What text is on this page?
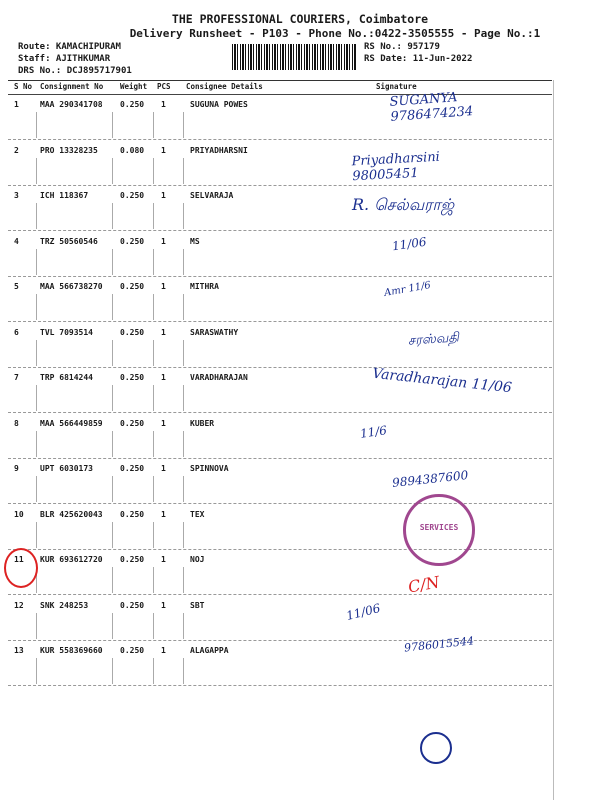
THE PROFESSIONAL COURIERS, Coimbatore
Delivery Runsheet - P103 - Phone No.:0422-3505555 - Page No.:1
Route: KAMACHIPURAM
Staff: AJITHKUMAR
DRS No.: DCJ895717901
RS No.: 957179
RS Date: 11-Jun-2022
S No Consignment No Weight PCS Consignee Details	Signature
1	MAA 290341708 0.250 1	SUGUNA POWES	SUGANYA
9786474234
2	PRO 13328235	0.080 1	PRIYADHARSNI	Priyadharsini
98005451
3	ICH 118367	0.250 1	SELVARAJA	R. செல்வராஜ்
4	TRZ 50560546	0.250 1	MS	11/06
5	MAA 566738270 0.250 1	MITHRA	Amr 11/6
6	TVL 7093514	0.250 1	SARASWATHY	சரஸ்வதி
7	TRP 6814244	0.250 1	VARADHARAJAN	Varadharajan 11/06
8	MAA 566449859 0.250 1	KUBER	11/6
9	UPT 6030173	0.250 1	SPINNOVA	9894387600
10 BLR 425620043 0.250 1	TEX
11 KUR 693612720 0.250 1	NOJ
C/N
12 SNK 248253	0.250 1	SBT	11/06
13 KUR 558369660 0.250 1	ALAGAPPA	9786015544
SERVICES
